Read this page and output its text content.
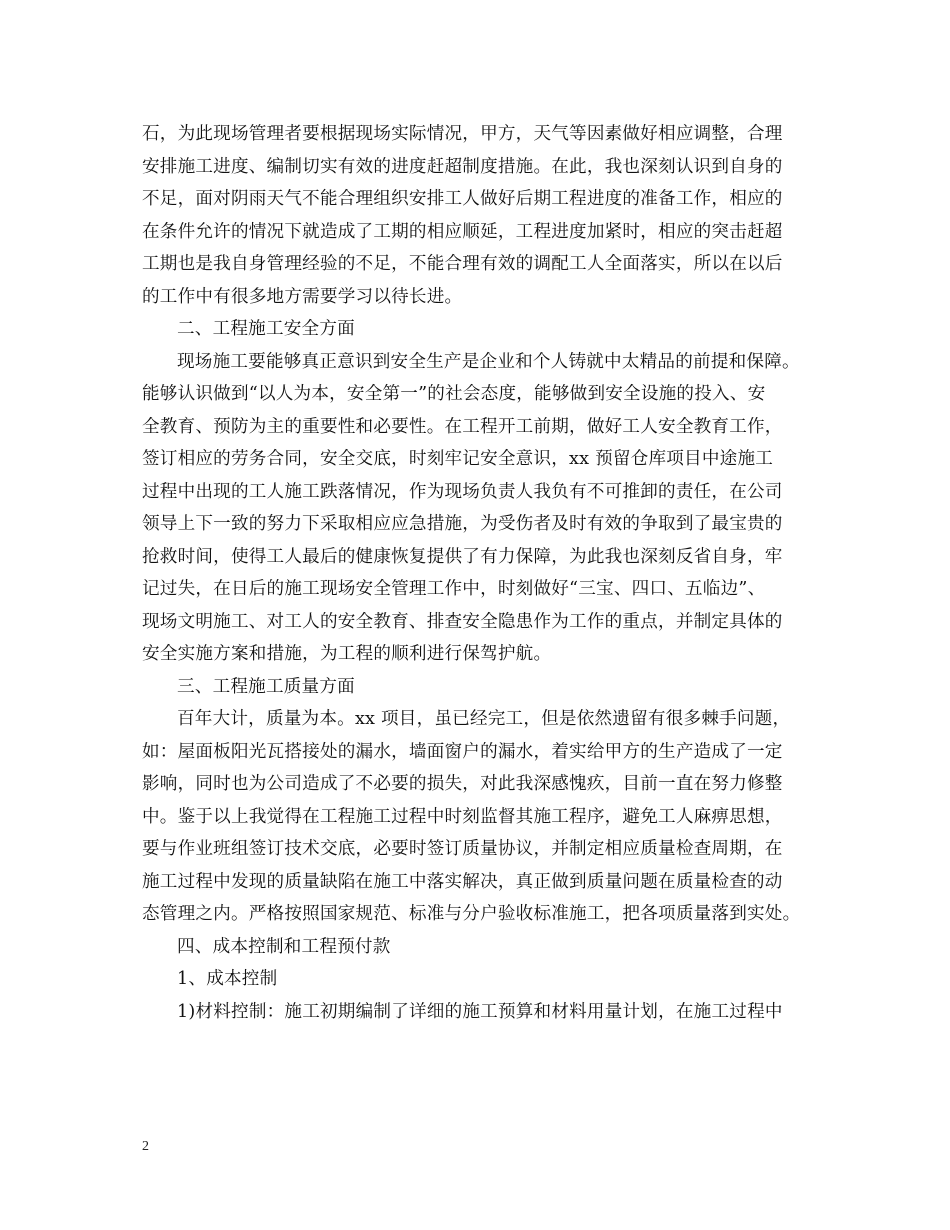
石，为此现场管理者要根据现场实际情况，甲方，天气等因素做好相应调整，合理
安排施工进度、编制切实有效的进度赶超制度措施。在此，我也深刻认识到自身的
不足，面对阴雨天气不能合理组织安排工人做好后期工程进度的准备工作，相应的
在条件允许的情况下就造成了工期的相应顺延，工程进度加紧时，相应的突击赶超
工期也是我自身管理经验的不足，不能合理有效的调配工人全面落实，所以在以后
的工作中有很多地方需要学习以待长进。
二、工程施工安全方面
现场施工要能够真正意识到安全生产是企业和个人铸就中太精品的前提和保障。
能够认识做到“以人为本，安全第一”的社会态度，能够做到安全设施的投入、安
全教育、预防为主的重要性和必要性。在工程开工前期，做好工人安全教育工作，
签订相应的劳务合同，安全交底，时刻牢记安全意识，xx 预留仓库项目中途施工
过程中出现的工人施工跌落情况，作为现场负责人我负有不可推卸的责任，在公司
领导上下一致的努力下采取相应应急措施，为受伤者及时有效的争取到了最宝贵的
抢救时间，使得工人最后的健康恢复提供了有力保障，为此我也深刻反省自身，牢
记过失，在日后的施工现场安全管理工作中，时刻做好“三宝、四口、五临边”、
现场文明施工、对工人的安全教育、排查安全隐患作为工作的重点，并制定具体的
安全实施方案和措施，为工程的顺利进行保驾护航。
三、工程施工质量方面
百年大计，质量为本。xx 项目，虽已经完工，但是依然遗留有很多棘手问题，
如：屋面板阳光瓦搭接处的漏水，墙面窗户的漏水，着实给甲方的生产造成了一定
影响，同时也为公司造成了不必要的损失，对此我深感愧疚，目前一直在努力修整
中。鉴于以上我觉得在工程施工过程中时刻监督其施工程序，避免工人麻痹思想，
要与作业班组签订技术交底，必要时签订质量协议，并制定相应质量检查周期，在
施工过程中发现的质量缺陷在施工中落实解决，真正做到质量问题在质量检查的动
态管理之内。严格按照国家规范、标准与分户验收标准施工，把各项质量落到实处。
四、成本控制和工程预付款
1、成本控制
1)材料控制：施工初期编制了详细的施工预算和材料用量计划，在施工过程中
2
